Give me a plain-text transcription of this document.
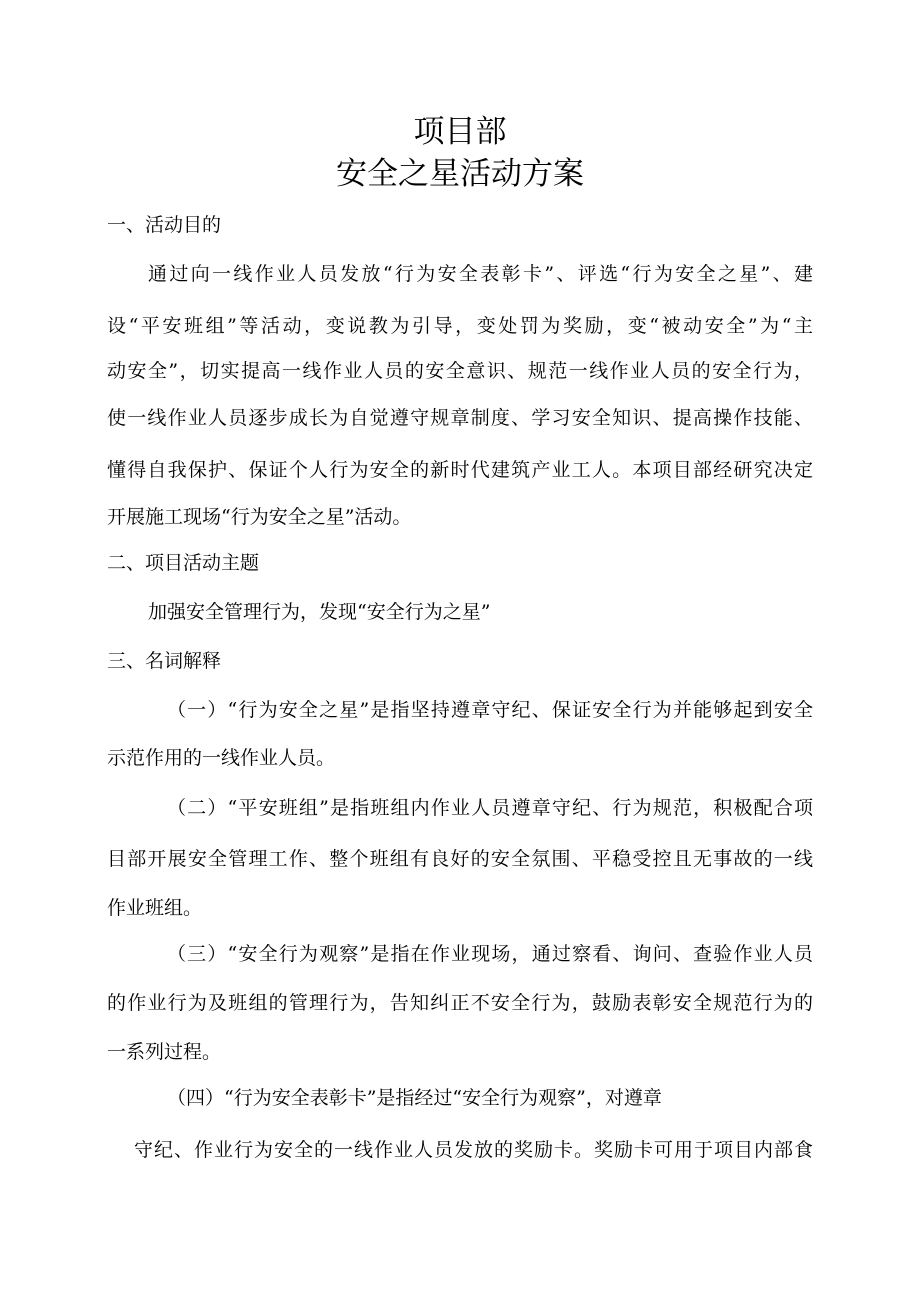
项目部
安全之星活动方案
一、活动目的
通过向一线作业人员发放“行为安全表彰卡”、评选“行为安全之星”、建
设“平安班组”等活动，变说教为引导，变处罚为奖励，变“被动安全”为“主
动安全”，切实提高一线作业人员的安全意识、规范一线作业人员的安全行为，
使一线作业人员逐步成长为自觉遵守规章制度、学习安全知识、提高操作技能、
懂得自我保护、保证个人行为安全的新时代建筑产业工人。本项目部经研究决定
开展施工现场“行为安全之星”活动。
二、项目活动主题
加强安全管理行为，发现“安全行为之星”
三、名词解释
（一）“行为安全之星”是指坚持遵章守纪、保证安全行为并能够起到安全
示范作用的一线作业人员。
（二）“平安班组”是指班组内作业人员遵章守纪、行为规范，积极配合项
目部开展安全管理工作、整个班组有良好的安全氛围、平稳受控且无事故的一线
作业班组。
（三）“安全行为观察”是指在作业现场，通过察看、询问、查验作业人员
的作业行为及班组的管理行为，告知纠正不安全行为，鼓励表彰安全规范行为的
一系列过程。
（四）“行为安全表彰卡”是指经过“安全行为观察”，对遵章
守纪、作业行为安全的一线作业人员发放的奖励卡。奖励卡可用于项目内部食
